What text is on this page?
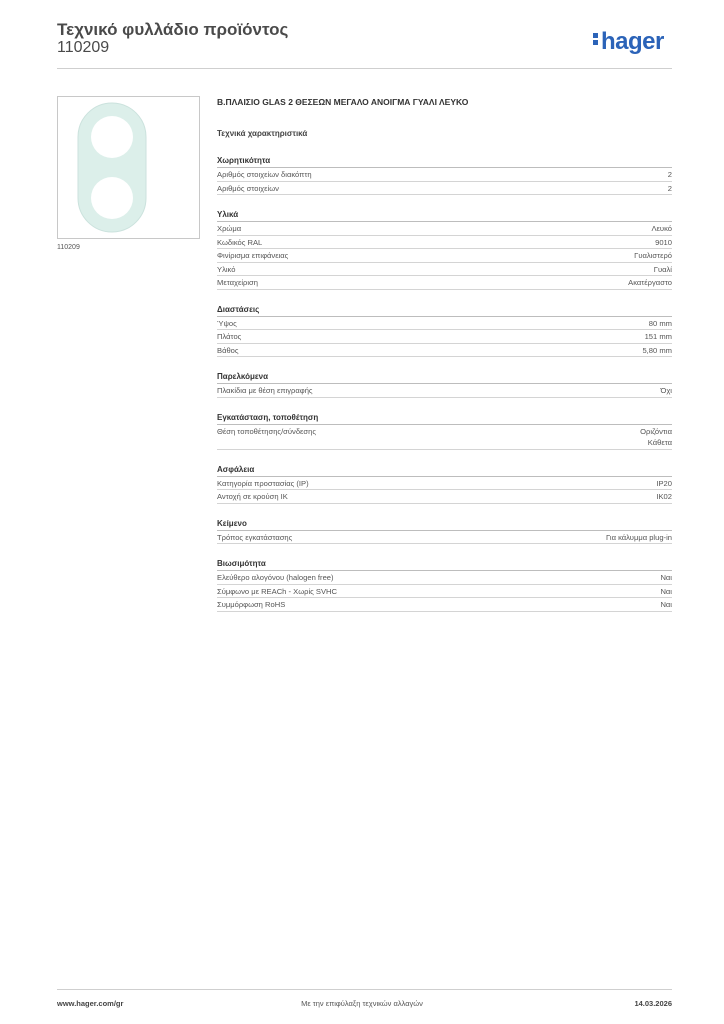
Τεχνικό φυλλάδιο προϊόντος
110209	hager
110209
Β.ΠΛΑΙΣΙΟ GLAS 2 ΘΕΣΕΩΝ ΜΕΓΑΛΟ ΑΝΟΙΓΜΑ ΓΥΑΛΙ ΛΕΥΚΟ
Τεχνικά χαρακτηριστικά
Χωρητικότητα
Αριθμός στοιχείων διακόπτη	2
Αριθμός στοιχείων	2
Υλικά
Χρώμα	Λευκό
Κωδικός RAL	9010
Φινίρισμα επιφάνειας	Γυαλιστερό
Υλικό	Γυαλί
Μεταχείριση	Ακατέργαστο
Διαστάσεις
Ύψος	80 mm
Πλάτος	151 mm
Βάθος	5,80 mm
Παρελκόμενα
Πλακίδια με θέση επιγραφής	Όχι
Εγκατάσταση, τοποθέτηση
Θέση τοποθέτησης/σύνδεσης	Οριζόντια
Κάθετα
Ασφάλεια
Κατηγορία προστασίας (IP)	IP20
Αντοχή σε κρούση IK	IK02
Κείμενο
Τρόπος εγκατάστασης	Για κάλυμμα plug-in
Βιωσιμότητα
Ελεύθερο αλογόνου (halogen free)	Ναι
Σύμφωνο με REACh - Χωρίς SVHC	Ναι
Συμμόρφωση RoHS	Ναι
www.hager.com/gr	Με την επιφύλαξη τεχνικών αλλαγών	14.03.2026
